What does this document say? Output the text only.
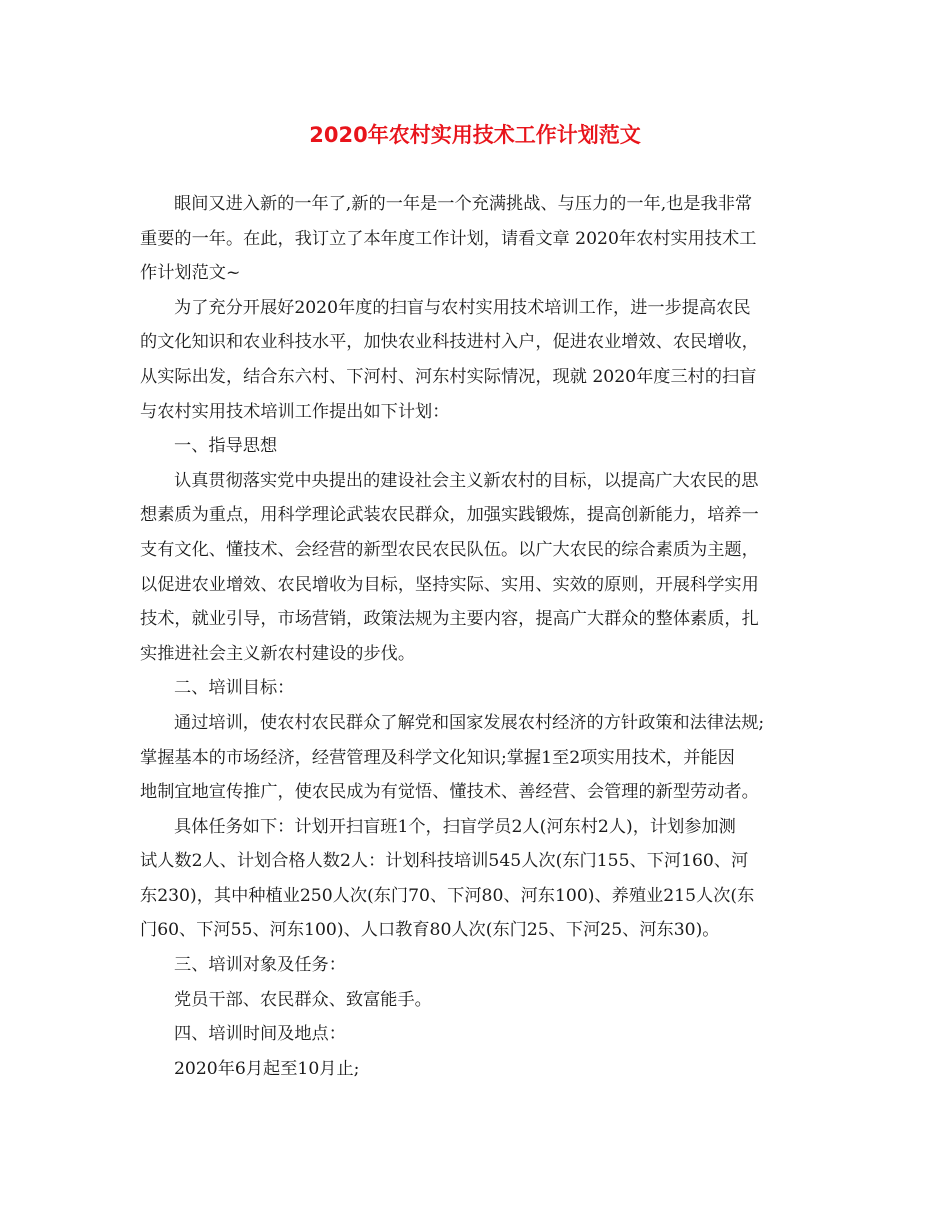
2020年农村实用技术工作计划范文

眼间又进入新的一年了,新的一年是一个充满挑战、与压力的一年,也是我非常
重要的一年。在此，我订立了本年度工作计划，请看文章 2020年农村实用技术工
作计划范文~

为了充分开展好2020年度的扫盲与农村实用技术培训工作，进一步提高农民
的文化知识和农业科技水平，加快农业科技进村入户，促进农业增效、农民增收，
从实际出发，结合东六村、下河村、河东村实际情况，现就 2020年度三村的扫盲
与农村实用技术培训工作提出如下计划：

一、指导思想

认真贯彻落实党中央提出的建设社会主义新农村的目标，以提高广大农民的思
想素质为重点，用科学理论武装农民群众，加强实践锻炼，提高创新能力，培养一
支有文化、懂技术、会经营的新型农民农民队伍。以广大农民的综合素质为主题，
以促进农业增效、农民增收为目标，坚持实际、实用、实效的原则，开展科学实用
技术，就业引导，市场营销，政策法规为主要内容，提高广大群众的整体素质，扎
实推进社会主义新农村建设的步伐。

二、培训目标：

通过培训，使农村农民群众了解党和国家发展农村经济的方针政策和法律法规;
掌握基本的市场经济，经营管理及科学文化知识;掌握1至2项实用技术，并能因
地制宜地宣传推广，使农民成为有觉悟、懂技术、善经营、会管理的新型劳动者。

具体任务如下：计划开扫盲班1个，扫盲学员2人(河东村2人)，计划参加测
试人数2人、计划合格人数2人：计划科技培训545人次(东门155、下河160、河
东230)，其中种植业250人次(东门70、下河80、河东100)、养殖业215人次(东
门60、下河55、河东100)、人口教育80人次(东门25、下河25、河东30)。

三、培训对象及任务：

党员干部、农民群众、致富能手。

四、培训时间及地点：

2020年6月起至10月止;
